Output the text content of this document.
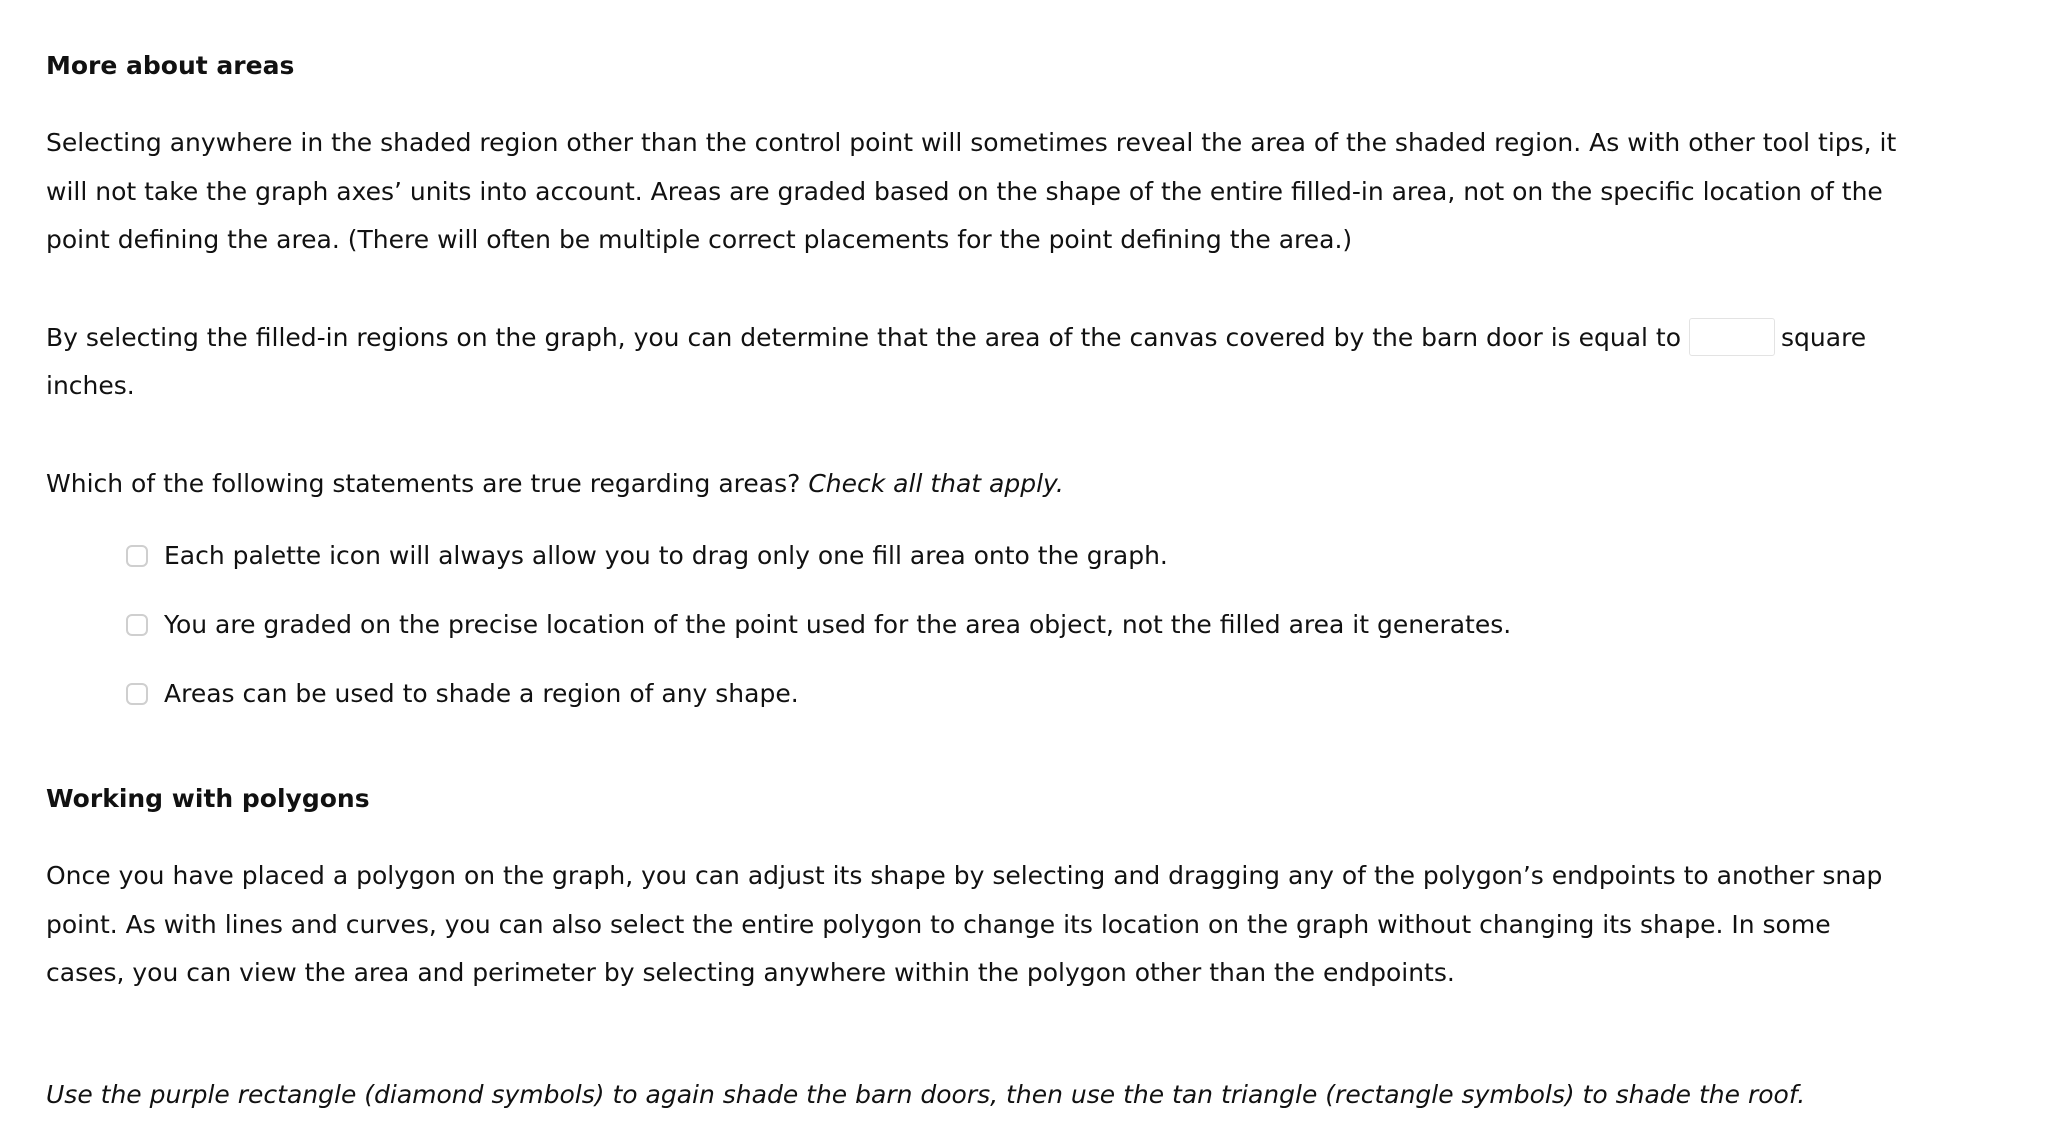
More about areas

Selecting anywhere in the shaded region other than the control point will sometimes reveal the area of the shaded region. As with other tool tips, it will not take the graph axes’ units into account. Areas are graded based on the shape of the entire filled-in area, not on the specific location of the point defining the area. (There will often be multiple correct placements for the point defining the area.)

By selecting the filled-in regions on the graph, you can determine that the area of the canvas covered by the barn door is equal to	square inches.

Which of the following statements are true regarding areas? Check all that apply.

Each palette icon will always allow you to drag only one fill area onto the graph.
You are graded on the precise location of the point used for the area object, not the filled area it generates.
Areas can be used to shade a region of any shape.

Working with polygons

Once you have placed a polygon on the graph, you can adjust its shape by selecting and dragging any of the polygon’s endpoints to another snap point. As with lines and curves, you can also select the entire polygon to change its location on the graph without changing its shape. In some cases, you can view the area and perimeter by selecting anywhere within the polygon other than the endpoints.

Use the purple rectangle (diamond symbols) to again shade the barn doors, then use the tan triangle (rectangle symbols) to shade the roof.
